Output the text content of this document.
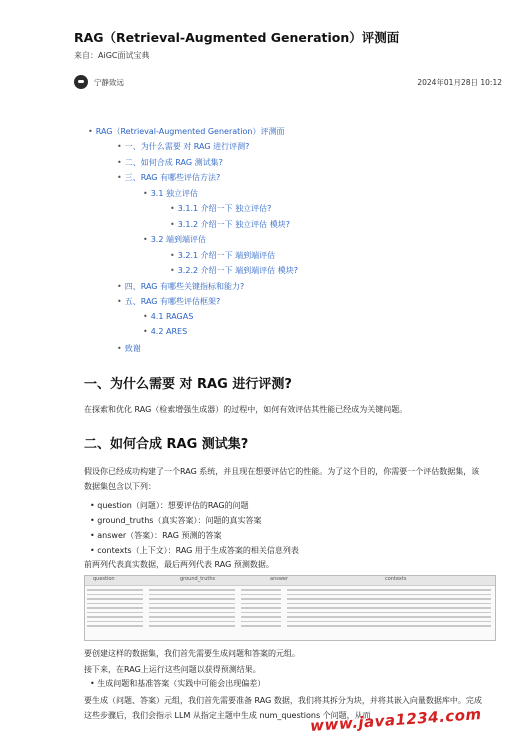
RAG（Retrieval-Augmented Generation）评测面
来自：AiGC面试宝典
宁静致远	2024年01月28日 10:12
• RAG（Retrieval-Augmented Generation）评测面
• 一、为什么需要 对 RAG 进行评测?
• 二、如何合成 RAG 测试集?
• 三、RAG 有哪些评估方法?
• 3.1 独立评估
• 3.1.1 介绍一下 独立评估?
• 3.1.2 介绍一下 独立评估 模块?
• 3.2 端到端评估
• 3.2.1 介绍一下 端到端评估
• 3.2.2 介绍一下 端到端评估 模块?
• 四、RAG 有哪些关键指标和能力?
• 五、RAG 有哪些评估框架?
• 4.1 RAGAS
• 4.2 ARES
• 致谢
一、为什么需要 对 RAG 进行评测?
在探索和优化 RAG（检索增强生成器）的过程中，如何有效评估其性能已经成为关键问题。
二、如何合成 RAG 测试集?
假设你已经成功构建了一个RAG 系统，并且现在想要评估它的性能。为了这个目的，你需要一个评估数据集，该数据集包含以下列：
• question（问题）：想要评估的RAG的问题
• ground_truths（真实答案）：问题的真实答案
• answer（答案）：RAG 预测的答案
• contexts（上下文）：RAG 用于生成答案的相关信息列表
前两列代表真实数据，最后两列代表 RAG 预测数据。
question	ground_truths	answer	contexts
要创建这样的数据集，我们首先需要生成问题和答案的元组。
接下来，在RAG上运行这些问题以获得预测结果。
• 生成问题和基准答案（实践中可能会出现偏差）
要生成（问题、答案）元组，我们首先需要准备 RAG 数据，我们将其拆分为块，并将其嵌入向量数据库中。完成这些步骤后，我们会指示 LLM 从指定主题中生成 num_questions 个问题，从而
www.java1234.com
